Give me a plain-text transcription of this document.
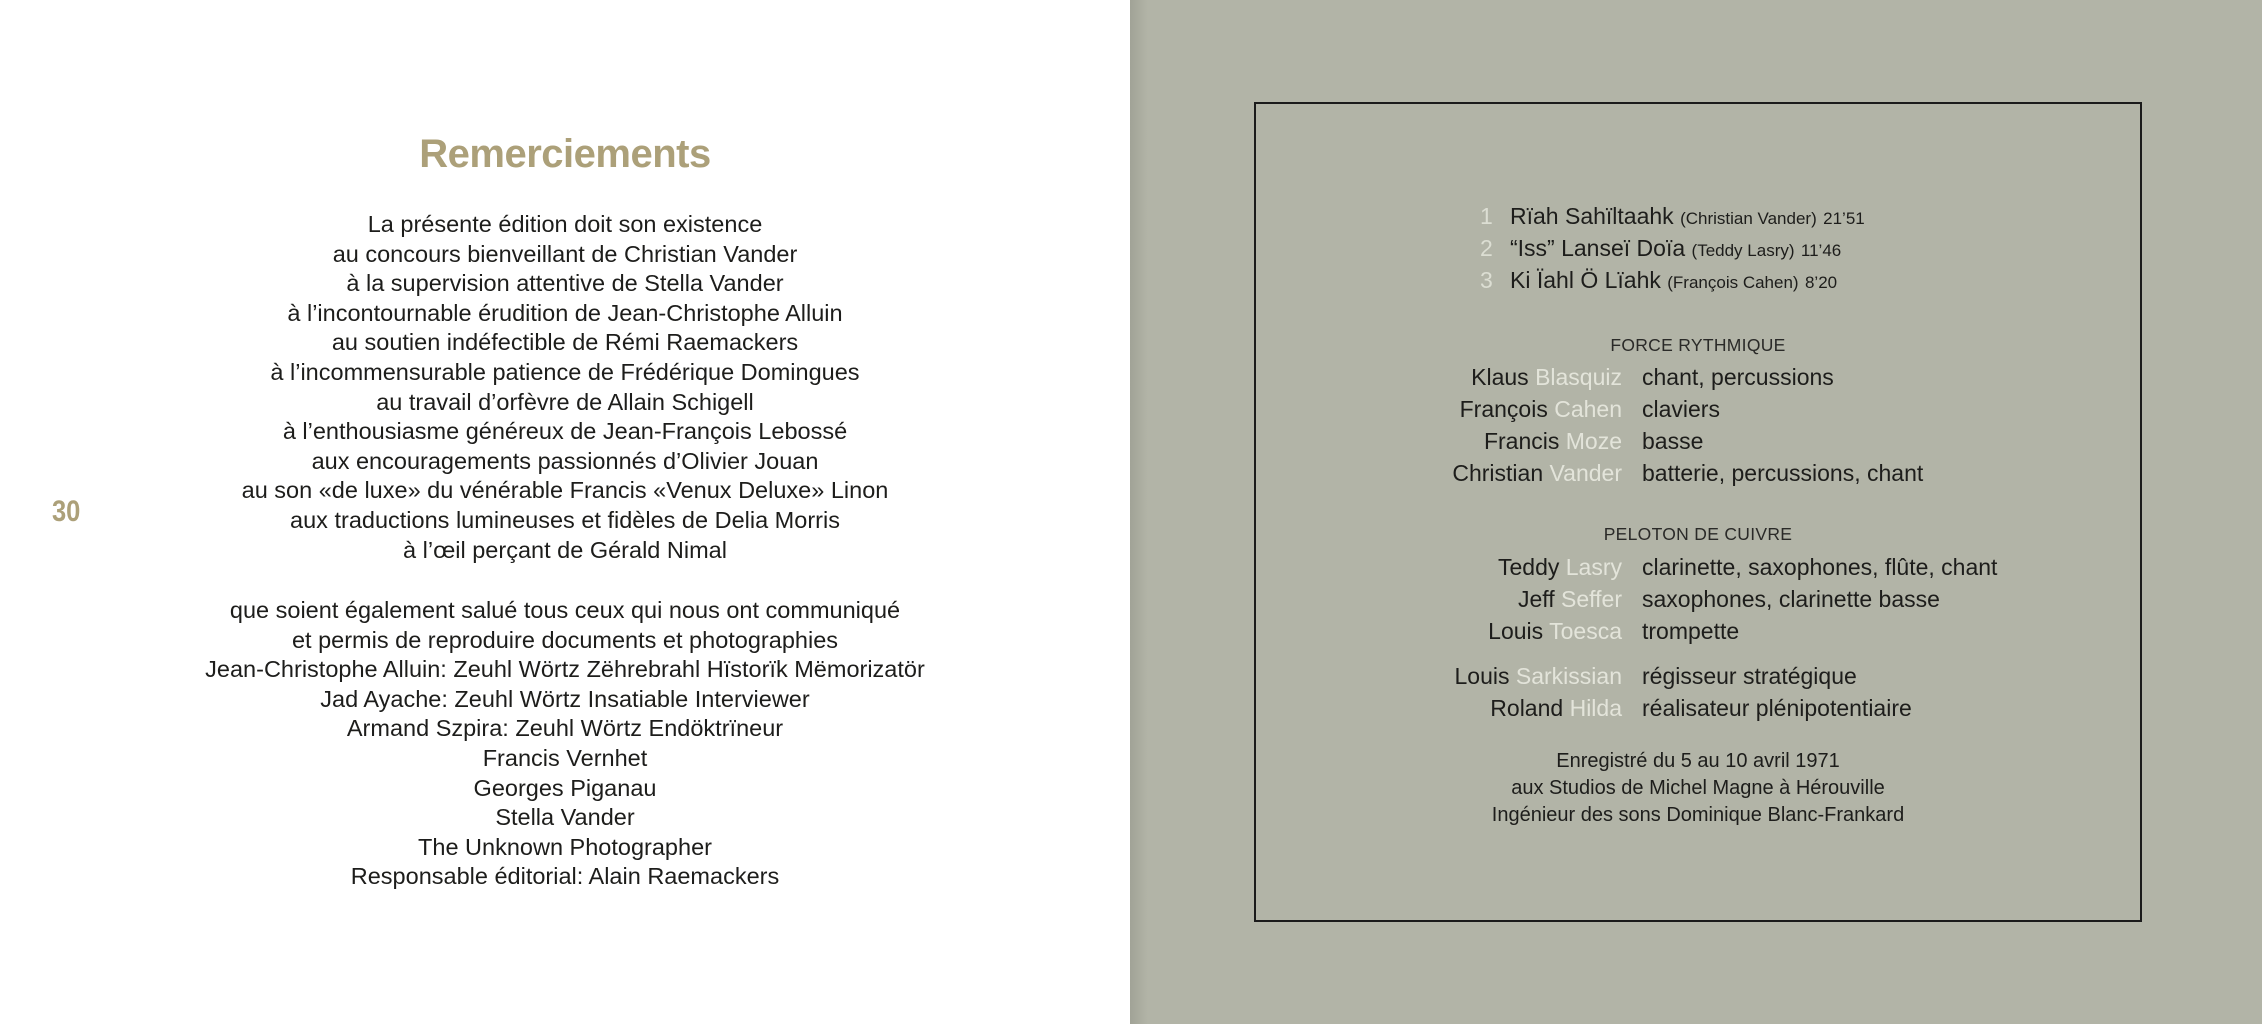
30
Remerciements
La présente édition doit son existence
au concours bienveillant de Christian Vander
à la supervision attentive de Stella Vander
à l’incontournable érudition de Jean-Christophe Alluin
au soutien indéfectible de Rémi Raemackers
à l’incommensurable patience de Frédérique Domingues
au travail d’orfèvre de Allain Schigell
à l’enthousiasme généreux de Jean-François Lebossé
aux encouragements passionnés d’Olivier Jouan
au son «de luxe» du vénérable Francis «Venux Deluxe» Linon
aux traductions lumineuses et fidèles de Delia Morris
à l’œil perçant de Gérald Nimal
que soient également salué tous ceux qui nous ont communiqué
et permis de reproduire documents et photographies
Jean-Christophe Alluin: Zeuhl Wörtz Zëhrebrahl Hïstorïk Mëmorizatör
Jad Ayache: Zeuhl Wörtz Insatiable Interviewer
Armand Szpira: Zeuhl Wörtz Endöktrïneur
Francis Vernhet
Georges Piganau
Stella Vander
The Unknown Photographer
Responsable éditorial: Alain Raemackers
1 Rïah Sahïltaahk (Christian Vander) 21’51
2 “Iss” Lanseï Doïa (Teddy Lasry) 11’46
3 Ki Ïahl Ö Lïahk (François Cahen) 8’20
FORCE RYTHMIQUE
Klaus Blasquiz chant, percussions
François Cahen claviers
Francis Moze basse
Christian Vander batterie, percussions, chant
PELOTON DE CUIVRE
Teddy Lasry clarinette, saxophones, flûte, chant
Jeff Seffer saxophones, clarinette basse
Louis Toesca trompette
Louis Sarkissian régisseur stratégique
Roland Hilda réalisateur plénipotentiaire
Enregistré du 5 au 10 avril 1971
aux Studios de Michel Magne à Hérouville
Ingénieur des sons Dominique Blanc-Frankard
